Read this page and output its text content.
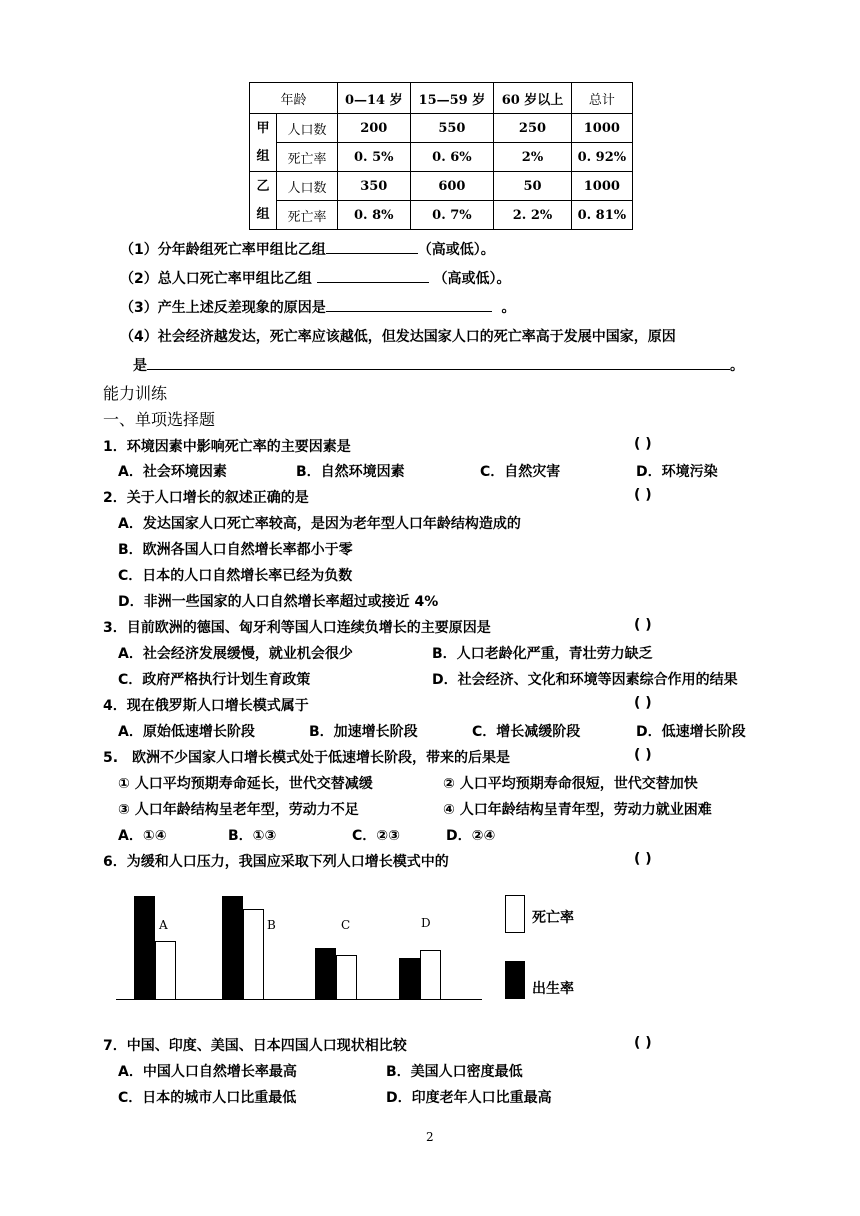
年龄		0—14 岁	15—59 岁	60 岁以上	总计
甲
组	人口数	200	550	250	1000
	死亡率	0. 5%	0. 6%	2%	0. 92%
乙
组	人口数	350	600	50	1000
	死亡率	0. 8%	0. 7%	2. 2%	0. 81%
（1）分年龄组死亡率甲组比乙组	（高或低）。
（2）总人口死亡率甲组比乙组	（高或低）。
（3）产生上述反差现象的原因是	。
（4）社会经济越发达，死亡率应该越低，但发达国家人口的死亡率高于发展中国家，原因
是	。
能力训练
一、单项选择题
1．环境因素中影响死亡率的主要因素是	( )
A．社会环境因素	B．自然环境因素	C．自然灾害	D．环境污染
2．关于人口增长的叙述正确的是	( )
A．发达国家人口死亡率较高，是因为老年型人口年龄结构造成的
B．欧洲各国人口自然增长率都小于零
C．日本的人口自然增长率已经为负数
D．非洲一些国家的人口自然增长率超过或接近 4%
3．目前欧洲的德国、匈牙利等国人口连续负增长的主要原因是	( )
A．社会经济发展缓慢，就业机会很少	B．人口老龄化严重，青壮劳力缺乏
C．政府严格执行计划生育政策	D．社会经济、文化和环境等因素综合作用的结果
4．现在俄罗斯人口增长模式属于	( )
A．原始低速增长阶段	B．加速增长阶段	C．增长减缓阶段	D．低速增长阶段
5.　欧洲不少国家人口增长模式处于低速增长阶段，带来的后果是	( )
① 人口平均预期寿命延长，世代交替减缓	② 人口平均预期寿命很短，世代交替加快
③ 人口年龄结构呈老年型，劳动力不足	④ 人口年龄结构呈青年型，劳动力就业困难
A．①④	B．①③	C．②③	D．②④
6．为缓和人口压力，我国应采取下列人口增长模式中的	( )
A	B	C	D	死亡率
出生率
7．中国、印度、美国、日本四国人口现状相比较	( )
A．中国人口自然增长率最高	B．美国人口密度最低
C．日本的城市人口比重最低	D．印度老年人口比重最高
2
